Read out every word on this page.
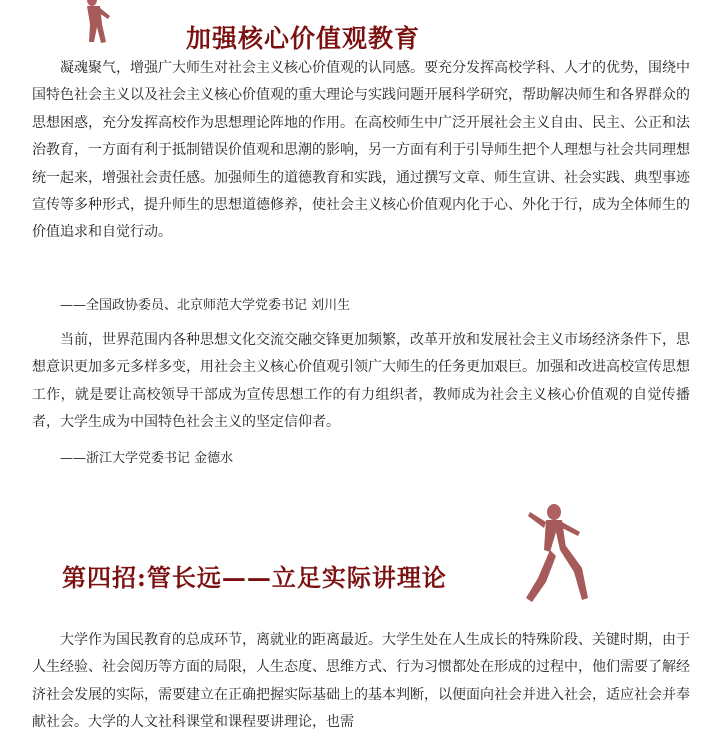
加强核心价值观教育

凝魂聚气，增强广大师生对社会主义核心价值观的认同感。要充分发挥高校学科、人才的优势，围绕中国特色社会主义以及社会主义核心价值观的重大理论与实践问题开展科学研究，帮助解决师生和各界群众的思想困惑，充分发挥高校作为思想理论阵地的作用。在高校师生中广泛开展社会主义自由、民主、公正和法治教育，一方面有利于抵制错误价值观和思潮的影响，另一方面有利于引导师生把个人理想与社会共同理想统一起来，增强社会责任感。加强师生的道德教育和实践，通过撰写文章、师生宣讲、社会实践、典型事迹宣传等多种形式，提升师生的思想道德修养，使社会主义核心价值观内化于心、外化于行，成为全体师生的价值追求和自觉行动。

——全国政协委员、北京师范大学党委书记 刘川生

当前，世界范围内各种思想文化交流交融交锋更加频繁，改革开放和发展社会主义市场经济条件下，思想意识更加多元多样多变，用社会主义核心价值观引领广大师生的任务更加艰巨。加强和改进高校宣传思想工作，就是要让高校领导干部成为宣传思想工作的有力组织者，教师成为社会主义核心价值观的自觉传播者，大学生成为中国特色社会主义的坚定信仰者。

——浙江大学党委书记 金德水
第四招:管长远——立足实际讲理论

大学作为国民教育的总成环节，离就业的距离最近。大学生处在人生成长的特殊阶段、关键时期，由于人生经验、社会阅历等方面的局限，人生态度、思维方式、行为习惯都处在形成的过程中，他们需要了解经济社会发展的实际，需要建立在正确把握实际基础上的基本判断，以便面向社会并进入社会，适应社会并奉献社会。大学的人文社科课堂和课程要讲理论，也需
